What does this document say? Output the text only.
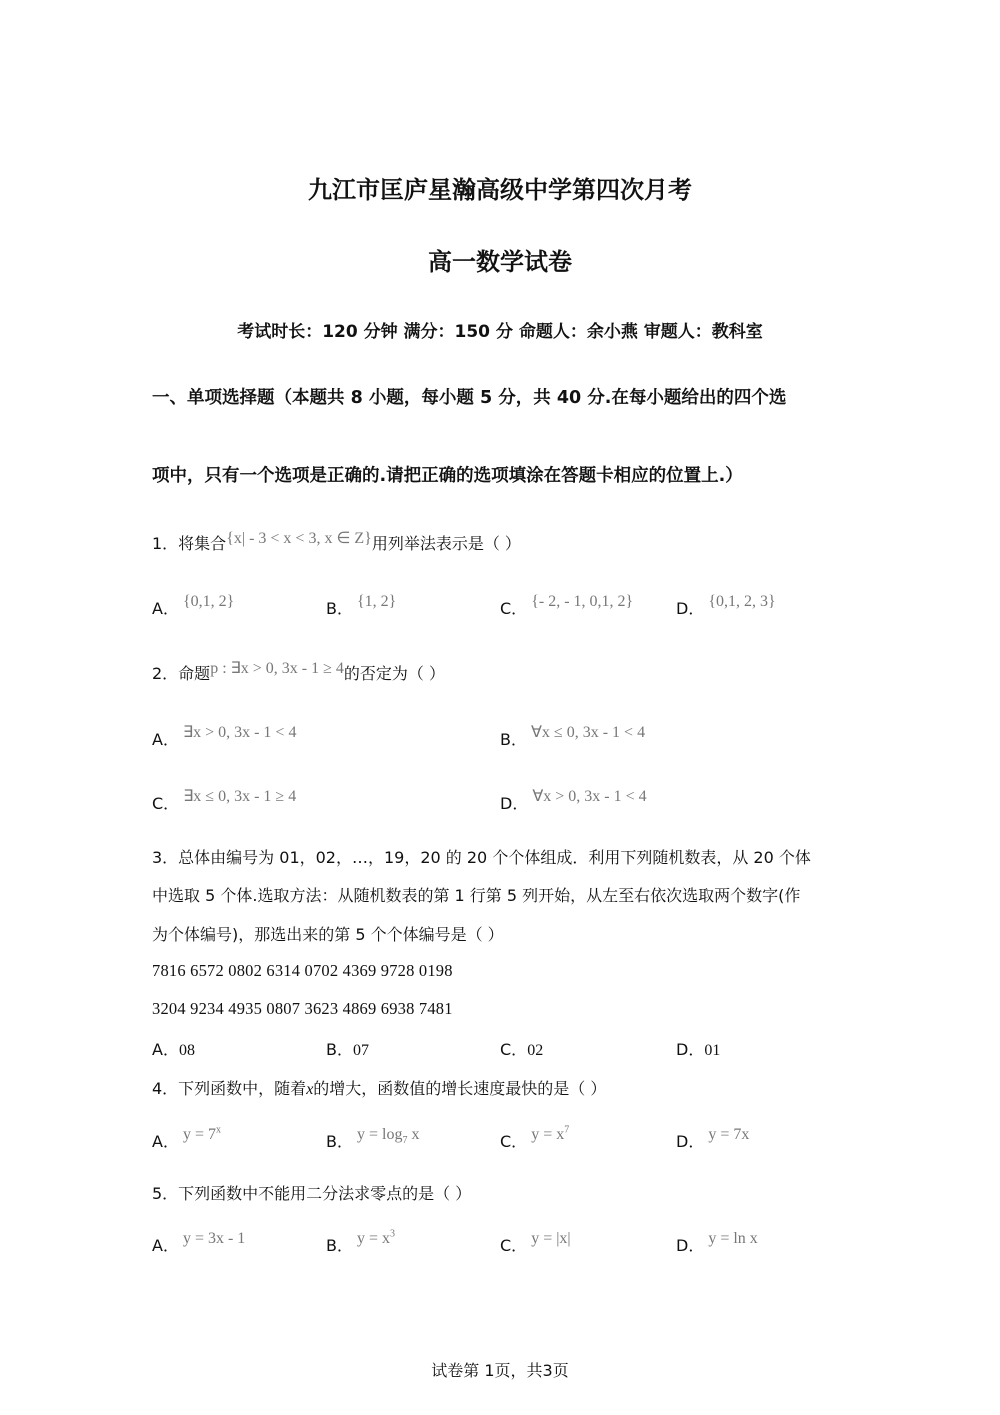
九江市匡庐星瀚高级中学第四次月考
高一数学试卷
考试时长：120 分钟 满分：150 分 命题人：余小燕 审题人：教科室
一、单项选择题（本题共 8 小题，每小题 5 分，共 40 分.在每小题给出的四个选
项中，只有一个选项是正确的.请把正确的选项填涂在答题卡相应的位置上.）
1．将集合{x| - 3 < x < 3, x ∈ Z}用列举法表示是（ ）
A． {0,1, 2}	B． {1, 2}	C． {- 2, - 1, 0,1, 2}	D． {0,1, 2, 3}
2．命题p : ∃x > 0, 3x - 1 ≥ 4的否定为（ ）
A． ∃x > 0, 3x - 1 < 4	B． ∀x ≤ 0, 3x - 1 < 4
C． ∃x ≤ 0, 3x - 1 ≥ 4	D． ∀x > 0, 3x - 1 < 4
3．总体由编号为 01，02，…，19，20 的 20 个个体组成．利用下列随机数表，从 20 个体
中选取 5 个体.选取方法：从随机数表的第 1 行第 5 列开始，从左至右依次选取两个数字(作
为个体编号)，那选出来的第 5 个个体编号是（ ）
7816 6572 0802 6314 0702 4369 9728 0198
3204 9234 4935 0807 3623 4869 6938 7481
A．08	B．07	C．02	D．01
4．下列函数中，随着x的增大，函数值的增长速度最快的是（ ）
A． $y = 7^x$
B． $y = \log_7 x$	C． $y = x^7$
D． y = 7x
5．下列函数中不能用二分法求零点的是（ ）
A． y = 3x - 1	B． $y = x^3$
C． y = |x|	D． y = ln x
试卷第 1页，共3页
